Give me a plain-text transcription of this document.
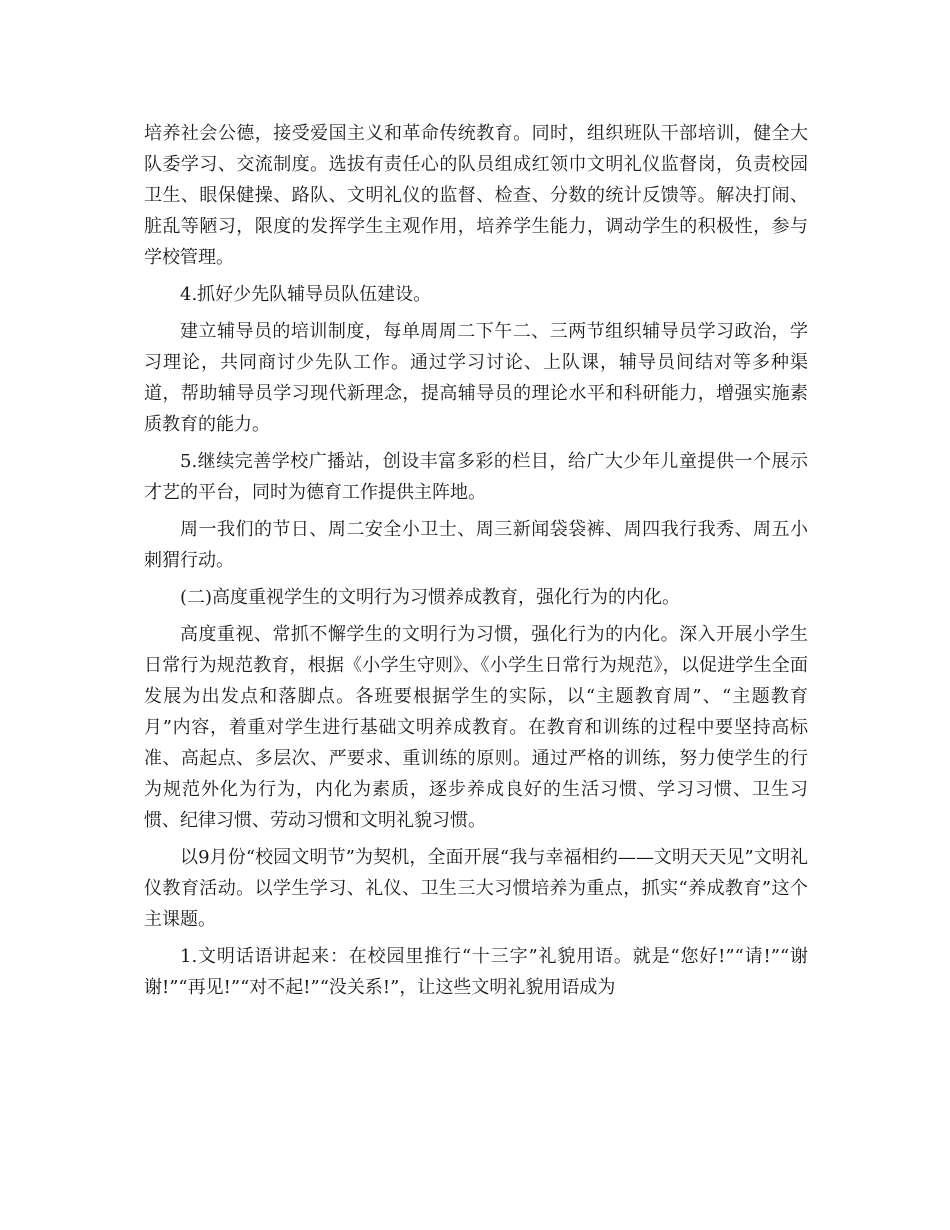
培养社会公德，接受爱国主义和革命传统教育。同时，组织班队干部培训，健全大队委学习、交流制度。选拔有责任心的队员组成红领巾文明礼仪监督岗，负责校园卫生、眼保健操、路队、文明礼仪的监督、检查、分数的统计反馈等。解决打闹、脏乱等陋习，限度的发挥学生主观作用，培养学生能力，调动学生的积极性，参与学校管理。

4.抓好少先队辅导员队伍建设。

建立辅导员的培训制度，每单周周二下午二、三两节组织辅导员学习政治，学习理论，共同商讨少先队工作。通过学习讨论、上队课，辅导员间结对等多种渠道，帮助辅导员学习现代新理念，提高辅导员的理论水平和科研能力，增强实施素质教育的能力。

5.继续完善学校广播站，创设丰富多彩的栏目，给广大少年儿童提供一个展示才艺的平台，同时为德育工作提供主阵地。

周一我们的节日、周二安全小卫士、周三新闻袋袋裤、周四我行我秀、周五小刺猬行动。

(二)高度重视学生的文明行为习惯养成教育，强化行为的内化。

高度重视、常抓不懈学生的文明行为习惯，强化行为的内化。深入开展小学生日常行为规范教育，根据《小学生守则》、《小学生日常行为规范》，以促进学生全面发展为出发点和落脚点。各班要根据学生的实际，以“主题教育周”、“主题教育月”内容，着重对学生进行基础文明养成教育。在教育和训练的过程中要坚持高标准、高起点、多层次、严要求、重训练的原则。通过严格的训练，努力使学生的行为规范外化为行为，内化为素质，逐步养成良好的生活习惯、学习习惯、卫生习惯、纪律习惯、劳动习惯和文明礼貌习惯。

以9月份“校园文明节”为契机，全面开展“我与幸福相约——文明天天见”文明礼仪教育活动。以学生学习、礼仪、卫生三大习惯培养为重点，抓实“养成教育”这个主课题。

1.文明话语讲起来：在校园里推行“十三字”礼貌用语。就是“您好!”“请!”“谢谢!”“再见!”“对不起!”“没关系!”，让这些文明礼貌用语成为
